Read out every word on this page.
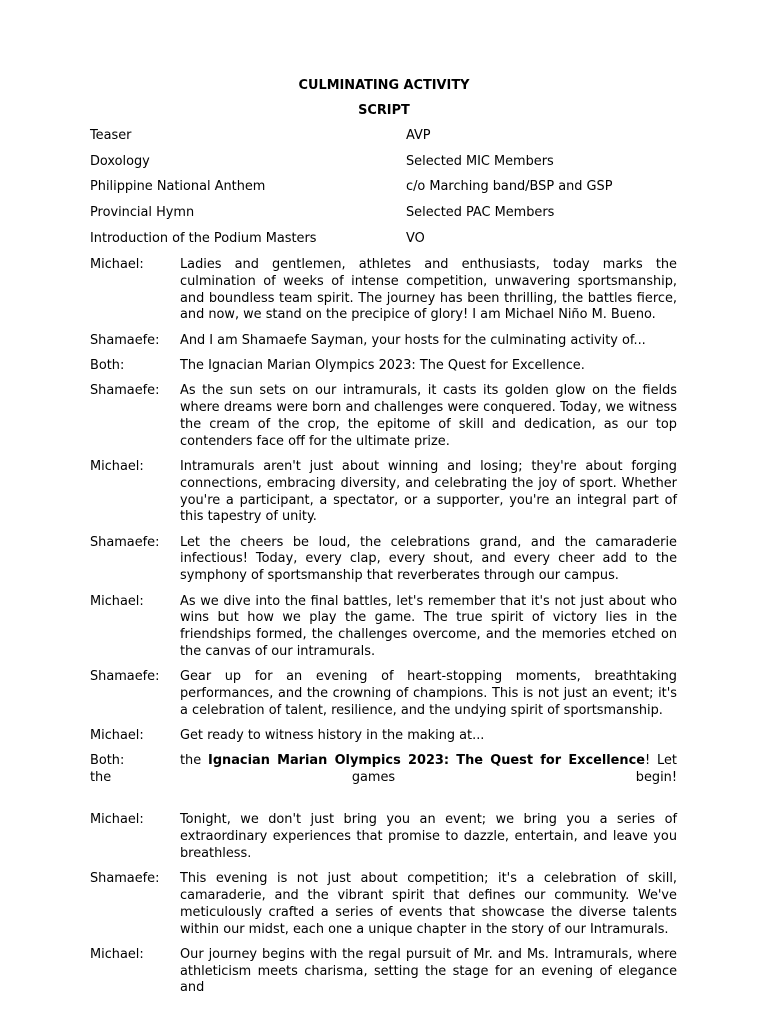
CULMINATING ACTIVITY
SCRIPT
Teaser	AVP
Doxology	Selected MIC Members
Philippine National Anthem	c/o Marching band/BSP and GSP
Provincial Hymn	Selected PAC Members
Introduction of the Podium Masters	VO
Michael:	Ladies and gentlemen, athletes and enthusiasts, today marks the culmination of weeks of intense competition, unwavering sportsmanship, and boundless team spirit. The journey has been thrilling, the battles fierce, and now, we stand on the precipice of glory! I am Michael Niño M. Bueno.
Shamaefe: And I am Shamaefe Sayman, your hosts for the culminating activity of...
Both:	The Ignacian Marian Olympics 2023: The Quest for Excellence.
Shamaefe: As the sun sets on our intramurals, it casts its golden glow on the fields where dreams were born and challenges were conquered. Today, we witness the cream of the crop, the epitome of skill and dedication, as our top contenders face off for the ultimate prize.
Michael:	Intramurals aren't just about winning and losing; they're about forging connections, embracing diversity, and celebrating the joy of sport. Whether you're a participant, a spectator, or a supporter, you're an integral part of this tapestry of unity.
Shamaefe: Let the cheers be loud, the celebrations grand, and the camaraderie infectious! Today, every clap, every shout, and every cheer add to the symphony of sportsmanship that reverberates through our campus.
Michael:	As we dive into the final battles, let's remember that it's not just about who wins but how we play the game. The true spirit of victory lies in the friendships formed, the challenges overcome, and the memories etched on the canvas of our intramurals.
Shamaefe: Gear up for an evening of heart-stopping moments, breathtaking performances, and the crowning of champions. This is not just an event; it's a celebration of talent, resilience, and the undying spirit of sportsmanship.
Michael:	Get ready to witness history in the making at...
Both:	the Ignacian Marian Olympics 2023: The Quest for Excellence! Let the games begin!
Michael:	Tonight, we don't just bring you an event; we bring you a series of extraordinary experiences that promise to dazzle, entertain, and leave you breathless.
Shamaefe: This evening is not just about competition; it's a celebration of skill, camaraderie, and the vibrant spirit that defines our community. We've meticulously crafted a series of events that showcase the diverse talents within our midst, each one a unique chapter in the story of our Intramurals.
Michael:	Our journey begins with the regal pursuit of Mr. and Ms. Intramurals, where athleticism meets charisma, setting the stage for an evening of elegance and
